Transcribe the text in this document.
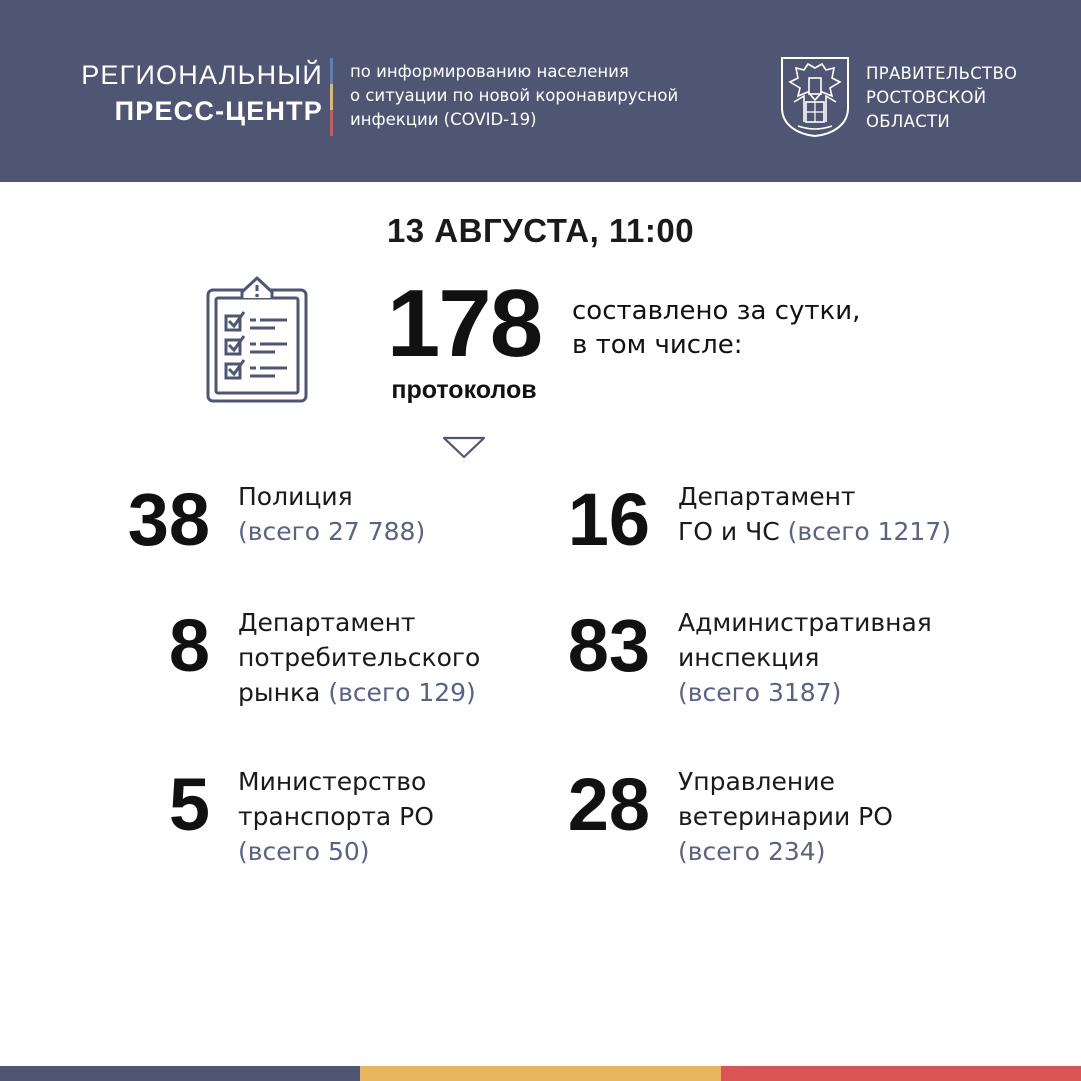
РЕГИОНАЛЬНЫЙ
ПРЕСС-ЦЕНТР
по информированию населения
о ситуации по новой коронавирусной
инфекции (COVID-19)
ПРАВИТЕЛЬСТВО
РОСТОВСКОЙ
ОБЛАСТИ
13 АВГУСТА, 11:00
178
протоколов
составлено за сутки,
в том числе:
38 Полиция
(всего 27 788)	16 Департамент
ГО и ЧС (всего 1217)
8 Департамент
потребительского
рынка (всего 129)
83 Административная
инспекция
(всего 3187)
5 Министерство
транспорта РО
(всего 50)
28 Управление
ветеринарии РО
(всего 234)
